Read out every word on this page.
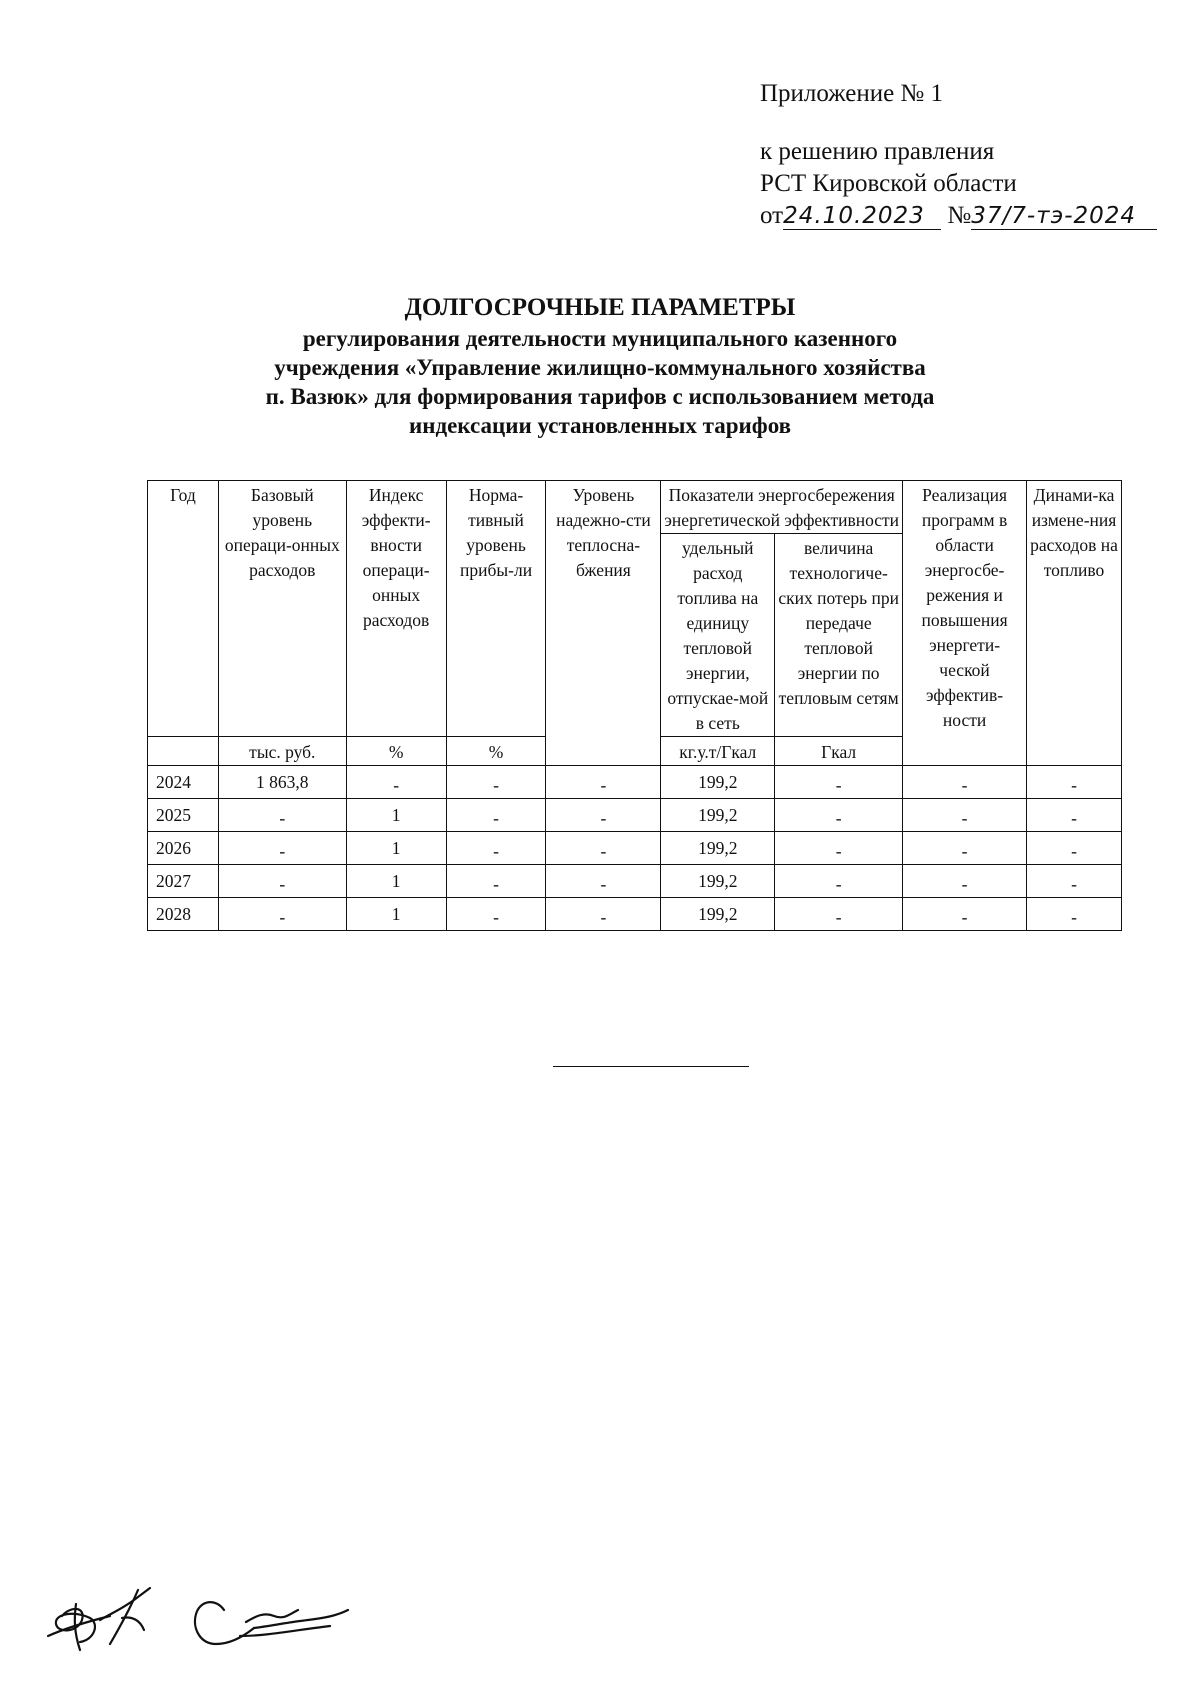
Приложение № 1
к решению правления
РСТ Кировской области
от24.10.2023 №37/7-тэ-2024
ДОЛГОСРОЧНЫЕ ПАРАМЕТРЫ
регулирования деятельности муниципального казенного
учреждения «Управление жилищно-коммунального хозяйства
п. Вазюк» для формирования тарифов с использованием метода
индексации установленных тарифов
Год	Базовый уровень операци-онных расходов	Индекс эффекти-вности операци-онных расходов	Норма-тивный уровень прибы-ли	Уровень надежно-сти теплосна-бжения	Показатели энергосбережения энергетической эффективности		Реализация программ в области энергосбе-режения и повышения энергети-ческой эффектив-ности	Динами-ка измене-ния расходов на топливо
					удельный расход топлива на единицу тепловой энергии, отпускае-мой в сеть	величина технологиче-ских потерь при передаче тепловой энергии по тепловым сетям		
	тыс. руб.	%	%		кг.у.т/Гкал	Гкал		
2024	1 863,8	-	-	-	199,2	-	-	-
2025	-	1	-	-	199,2	-	-	-
2026	-	1	-	-	199,2	-	-	-
2027	-	1	-	-	199,2	-	-	-
2028	-	1	-	-	199,2	-	-	-
